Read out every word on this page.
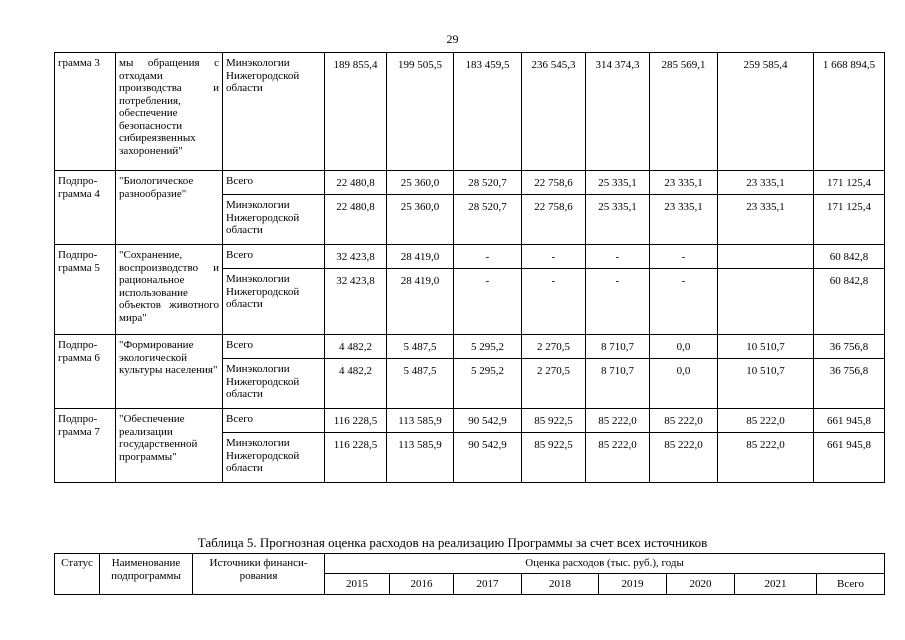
29
грамма 3	мы обращения с отходами производства и потребления, обеспечение безопасности сибиреязвенных захоронений"	Минэкологии Нижегородской области	189 855,4	199 505,5	183 459,5	236 545,3	314 374,3	285 569,1	259 585,4	1 668 894,5
Подпрограмма 4	"Биологическое разнообразие"	Всего	22 480,8	25 360,0	28 520,7	22 758,6	25 335,1	23 335,1	23 335,1	171 125,4
		Минэкологии Нижегородской области	22 480,8	25 360,0	28 520,7	22 758,6	25 335,1	23 335,1	23 335,1	171 125,4
Подпрограмма 5	"Сохранение, воспроизводство и рациональное использование объектов животного мира"	Всего	32 423,8	28 419,0	-	-	-	-		60 842,8
		Минэкологии Нижегородской области	32 423,8	28 419,0	-	-	-	-		60 842,8
Подпрограмма 6	"Формирование экологической культуры населения"	Всего	4 482,2	5 487,5	5 295,2	2 270,5	8 710,7	0,0	10 510,7	36 756,8
		Минэкологии Нижегородской области	4 482,2	5 487,5	5 295,2	2 270,5	8 710,7	0,0	10 510,7	36 756,8
Подпрограмма 7	"Обеспечение реализации государственной программы"	Всего	116 228,5	113 585,9	90 542,9	85 922,5	85 222,0	85 222,0	85 222,0	661 945,8
		Минэкологии Нижегородской области	116 228,5	113 585,9	90 542,9	85 922,5	85 222,0	85 222,0	85 222,0	661 945,8
Таблица 5. Прогнозная оценка расходов на реализацию Программы за счет всех источников
Статус	Наименование подпрограммы	Источники финансирования	Оценка расходов (тыс. руб.), годы							
			2015	2016	2017	2018	2019	2020	2021	Всего
